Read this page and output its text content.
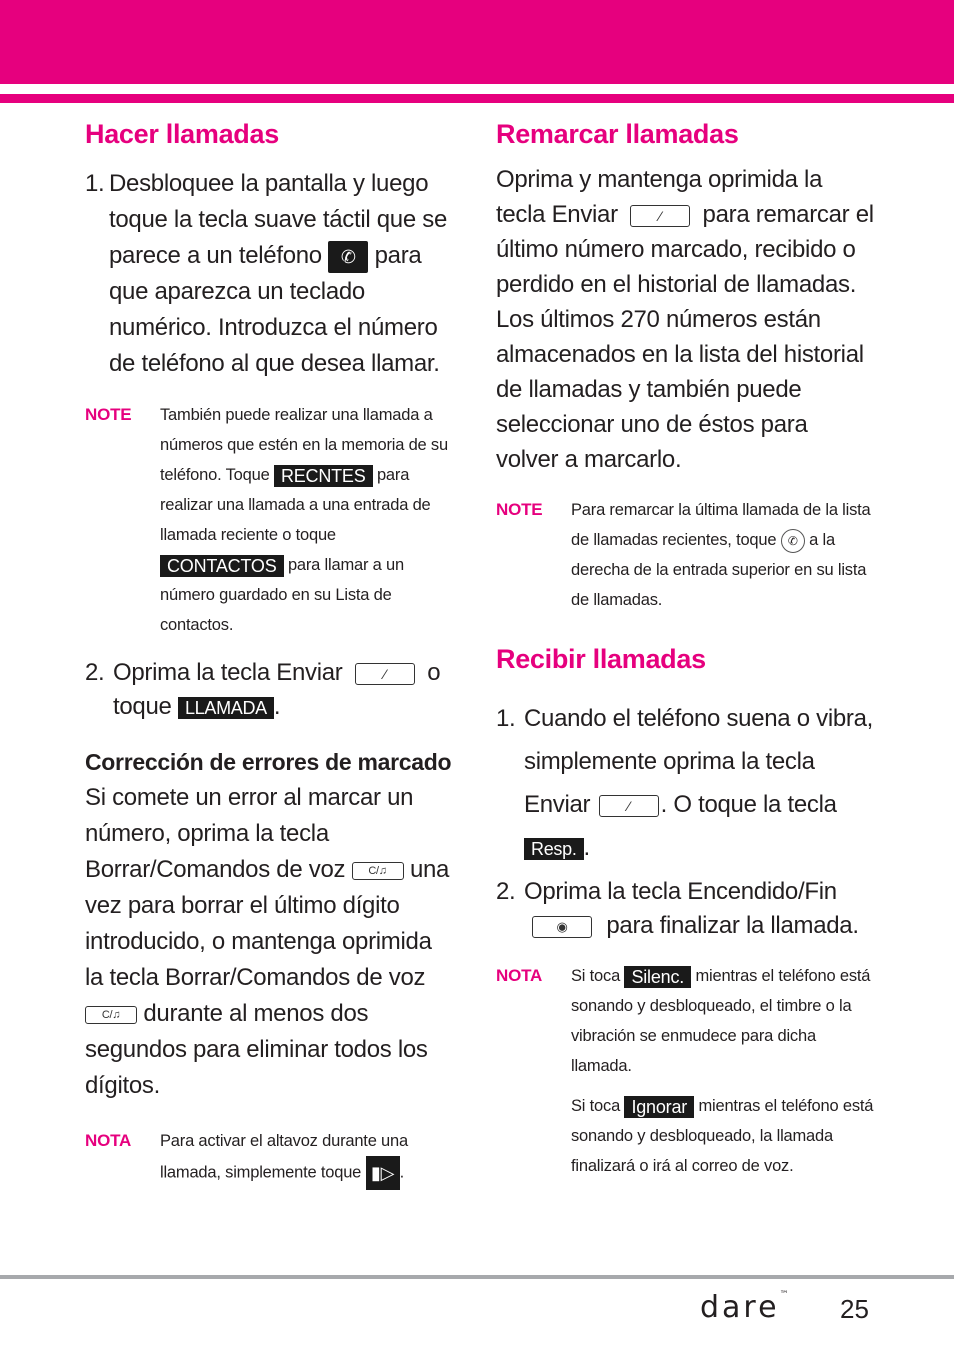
Hacer llamadas
1. Desbloquee la pantalla y luego toque la tecla suave táctil que se parece a un teléfono ✆ para que aparezca un teclado numérico. Introduzca el número de teléfono al que desea llamar.
NOTE También puede realizar una llamada a números que estén en la memoria de su teléfono. Toque RECNTES para realizar una llamada a una entrada de llamada reciente o toque CONTACTOS para llamar a un número guardado en su Lista de contactos.
2. Oprima la tecla Enviar	⁄ o toque LLAMADA .
Corrección de errores de marcado
Si comete un error al marcar un número, oprima la tecla Borrar/Comandos de voz C/♫ una vez para borrar el último dígito introducido, o mantenga oprimida la tecla Borrar/Comandos de voz C/♫ durante al menos dos segundos para eliminar todos los dígitos.
NOTA Para activar el altavoz durante una llamada, simplemente toque ▮▷ .
Remarcar llamadas
Oprima y mantenga oprimida la tecla Enviar	⁄ para remarcar el último número marcado, recibido o perdido en el historial de llamadas. Los últimos 270 números están almacenados en la lista del historial de llamadas y también puede seleccionar uno de éstos para volver a marcarlo.
NOTE Para remarcar la última llamada de la lista de llamadas recientes, toque ✆ a la derecha de la entrada superior en su lista de llamadas.
Recibir llamadas
1. Cuando el teléfono suena o vibra, simplemente oprima la tecla Enviar	⁄ . O toque la tecla Resp. .
2. Oprima la tecla Encendido/Fin ◉ para finalizar la llamada.
NOTA Si toca Silenc. mientras el teléfono está sonando y desbloqueado, el timbre o la vibración se enmudece para dicha llamada.
Si toca Ignorar mientras el teléfono está sonando y desbloqueado, la llamada finalizará o irá al correo de voz.
dare™ 25
